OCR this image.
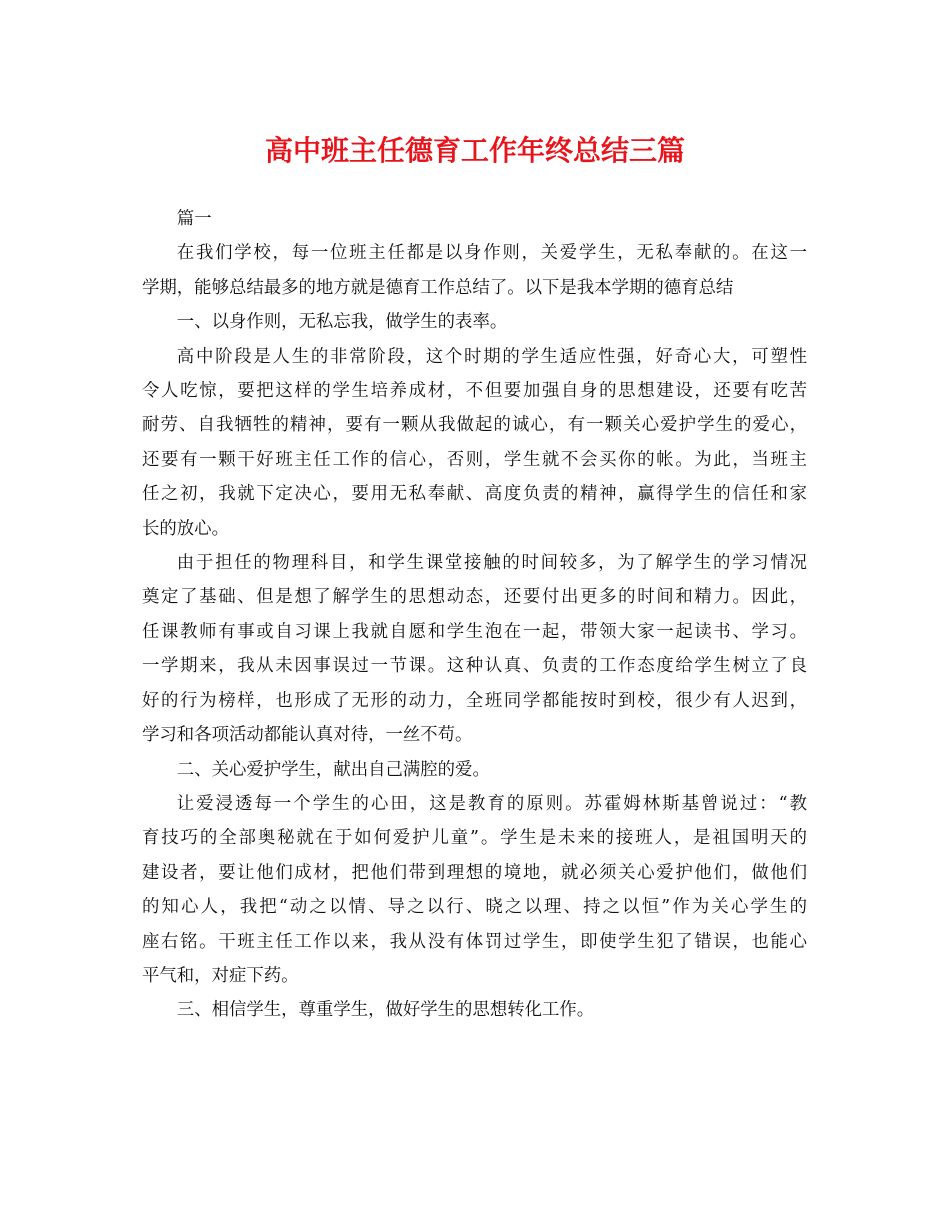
高中班主任德育工作年终总结三篇

篇一

在我们学校，每一位班主任都是以身作则，关爱学生，无私奉献的。在这一

学期，能够总结最多的地方就是德育工作总结了。以下是我本学期的德育总结

一、以身作则，无私忘我，做学生的表率。

高中阶段是人生的非常阶段，这个时期的学生适应性强，好奇心大，可塑性

令人吃惊，要把这样的学生培养成材，不但要加强自身的思想建设，还要有吃苦

耐劳、自我牺牲的精神，要有一颗从我做起的诚心，有一颗关心爱护学生的爱心，

还要有一颗干好班主任工作的信心，否则，学生就不会买你的帐。为此，当班主

任之初，我就下定决心，要用无私奉献、高度负责的精神，赢得学生的信任和家

长的放心。

由于担任的物理科目，和学生课堂接触的时间较多，为了解学生的学习情况

奠定了基础、但是想了解学生的思想动态，还要付出更多的时间和精力。因此，

任课教师有事或自习课上我就自愿和学生泡在一起，带领大家一起读书、学习。

一学期来，我从未因事误过一节课。这种认真、负责的工作态度给学生树立了良

好的行为榜样，也形成了无形的动力，全班同学都能按时到校，很少有人迟到，

学习和各项活动都能认真对待，一丝不苟。

二、关心爱护学生，献出自己满腔的爱。

让爱浸透每一个学生的心田，这是教育的原则。苏霍姆林斯基曾说过：“教

育技巧的全部奥秘就在于如何爱护儿童”。学生是未来的接班人，是祖国明天的

建设者，要让他们成材，把他们带到理想的境地，就必须关心爱护他们，做他们

的知心人，我把“动之以情、导之以行、晓之以理、持之以恒”作为关心学生的

座右铭。干班主任工作以来，我从没有体罚过学生，即使学生犯了错误，也能心

平气和，对症下药。

三、相信学生，尊重学生，做好学生的思想转化工作。
